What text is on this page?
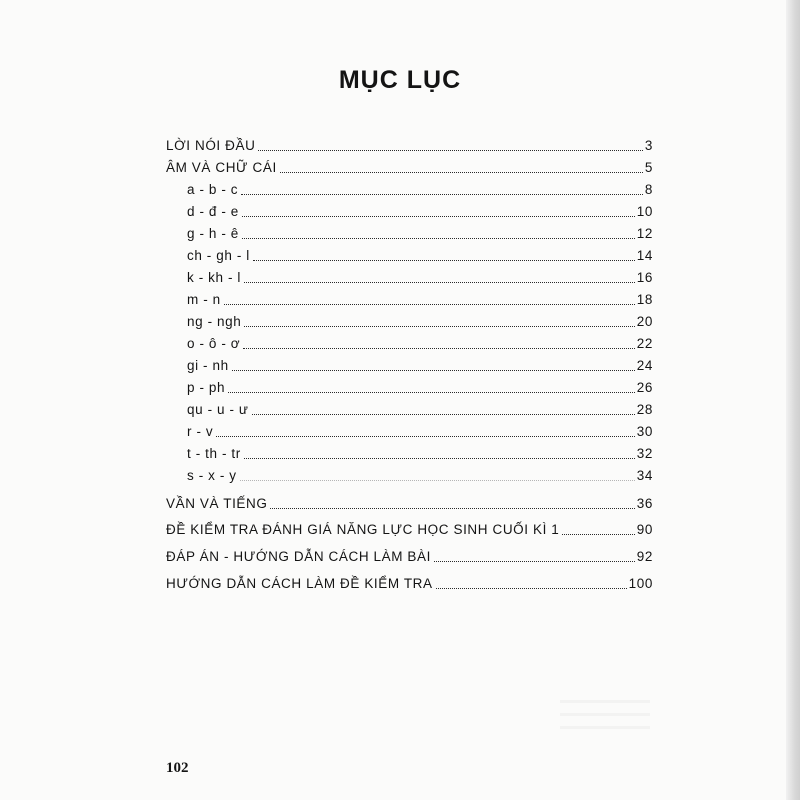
MỤC LỤC
LỜI NÓI ĐẦU	3
ÂM VÀ CHỮ CÁI	5
a - b - c	8
d - đ - e	10
g - h - ê	12
ch - gh - l	14
k - kh - l	16
m - n	18
ng - ngh	20
o - ô - ơ	22
gi - nh	24
p - ph	26
qu - u - ư	28
r - v	30
t - th - tr	32
s - x - y	34
VẦN VÀ TIẾNG	36
ĐỀ KIỂM TRA ĐÁNH GIÁ NĂNG LỰC HỌC SINH CUỐI KÌ 1	90
ĐÁP ÁN - HƯỚNG DẪN CÁCH LÀM BÀI	92
HƯỚNG DẪN CÁCH LÀM ĐỀ KIỂM TRA	100
102
